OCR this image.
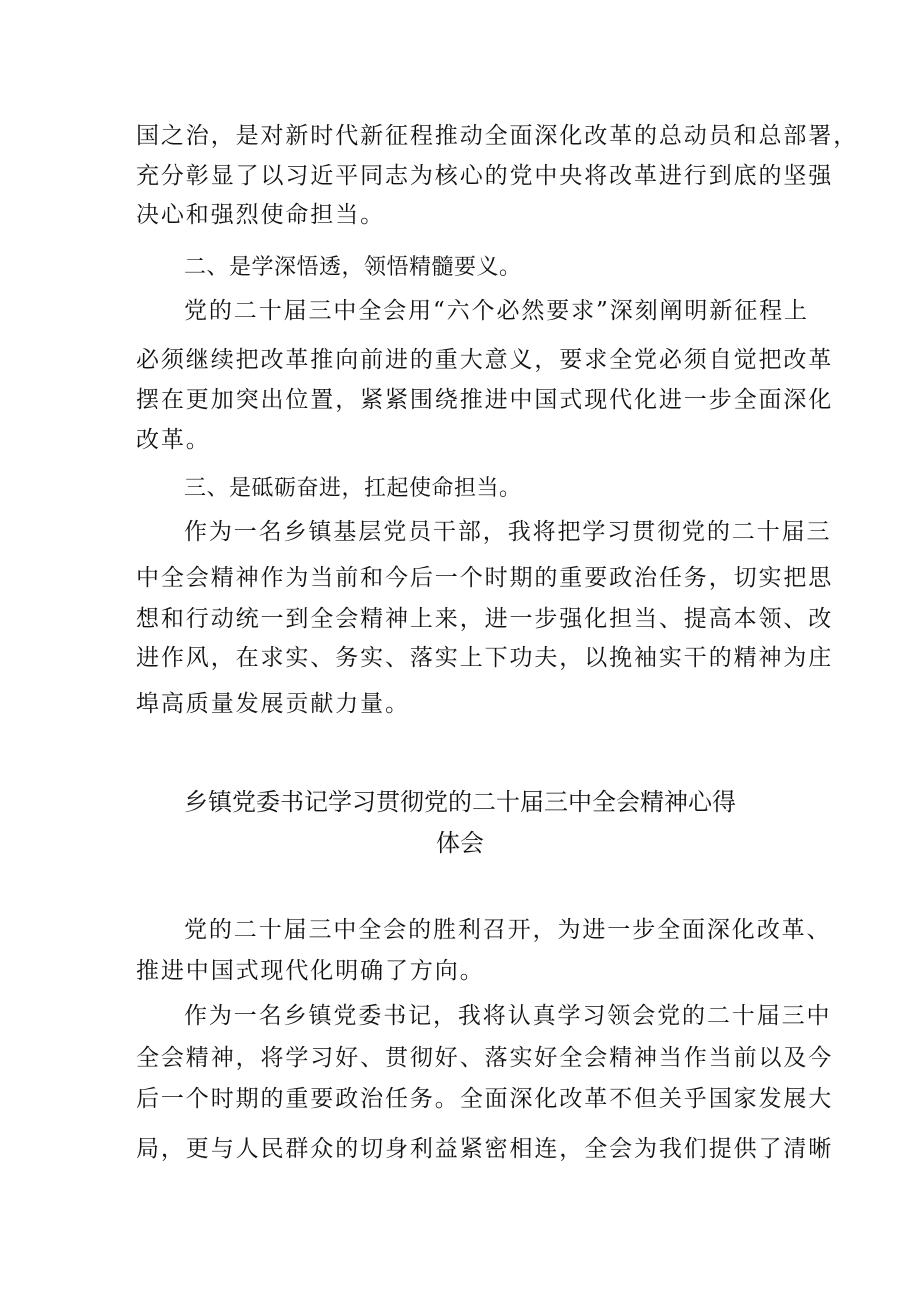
国之治，是对新时代新征程推动全面深化改革的总动员和总部署，
充分彰显了以习近平同志为核心的党中央将改革进行到底的坚强
决心和强烈使命担当。
二、是学深悟透，领悟精髓要义。
党的二十届三中全会用“六个必然要求”深刻阐明新征程上
必须继续把改革推向前进的重大意义，要求全党必须自觉把改革
摆在更加突出位置，紧紧围绕推进中国式现代化进一步全面深化
改革。
三、是砥砺奋进，扛起使命担当。
作为一名乡镇基层党员干部，我将把学习贯彻党的二十届三
中全会精神作为当前和今后一个时期的重要政治任务，切实把思
想和行动统一到全会精神上来，进一步强化担当、提高本领、改
进作风，在求实、务实、落实上下功夫，以挽袖实干的精神为庄
埠高质量发展贡献力量。
乡镇党委书记学习贯彻党的二十届三中全会精神心得
体会
党的二十届三中全会的胜利召开，为进一步全面深化改革、
推进中国式现代化明确了方向。
作为一名乡镇党委书记，我将认真学习领会党的二十届三中
全会精神，将学习好、贯彻好、落实好全会精神当作当前以及今
后一个时期的重要政治任务。全面深化改革不但关乎国家发展大
局，更与人民群众的切身利益紧密相连，全会为我们提供了清晰
